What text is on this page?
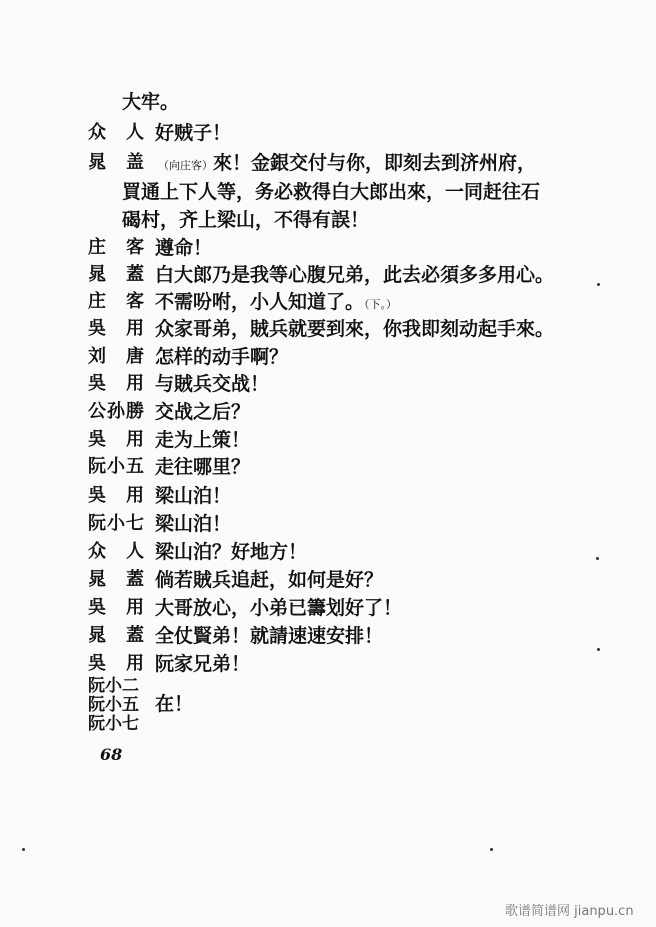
大牢。
众　人 好贼子！
晁　盖 （向庄客）來！金銀交付与你，即刻去到济州府，
買通上下人等，务必救得白大郎出來，一同赶往石
碣村，齐上梁山，不得有誤！
庄　客 遵命！
晁　蓋 白大郎乃是我等心腹兄弟，此去必須多多用心。
庄　客 不需吩咐，小人知道了。（下。）
吳　用 众家哥弟，賊兵就要到來，你我即刻动起手來。
刘　唐 怎样的动手啊？
吳　用 与賊兵交战！
公孙勝 交战之后？
吳　用 走为上策！
阮小五 走往哪里？
吳　用 梁山泊！
阮小七 梁山泊！
众　人 梁山泊？好地方！
晁　蓋 倘若賊兵追赶，如何是好？
吳　用 大哥放心，小弟已籌划好了！
晁　蓋 全仗賢弟！就請速速安排！
吳　用 阮家兄弟！
阮小二
阮小五
阮小七
在！
68
歌谱简谱网 jianpu.cn
